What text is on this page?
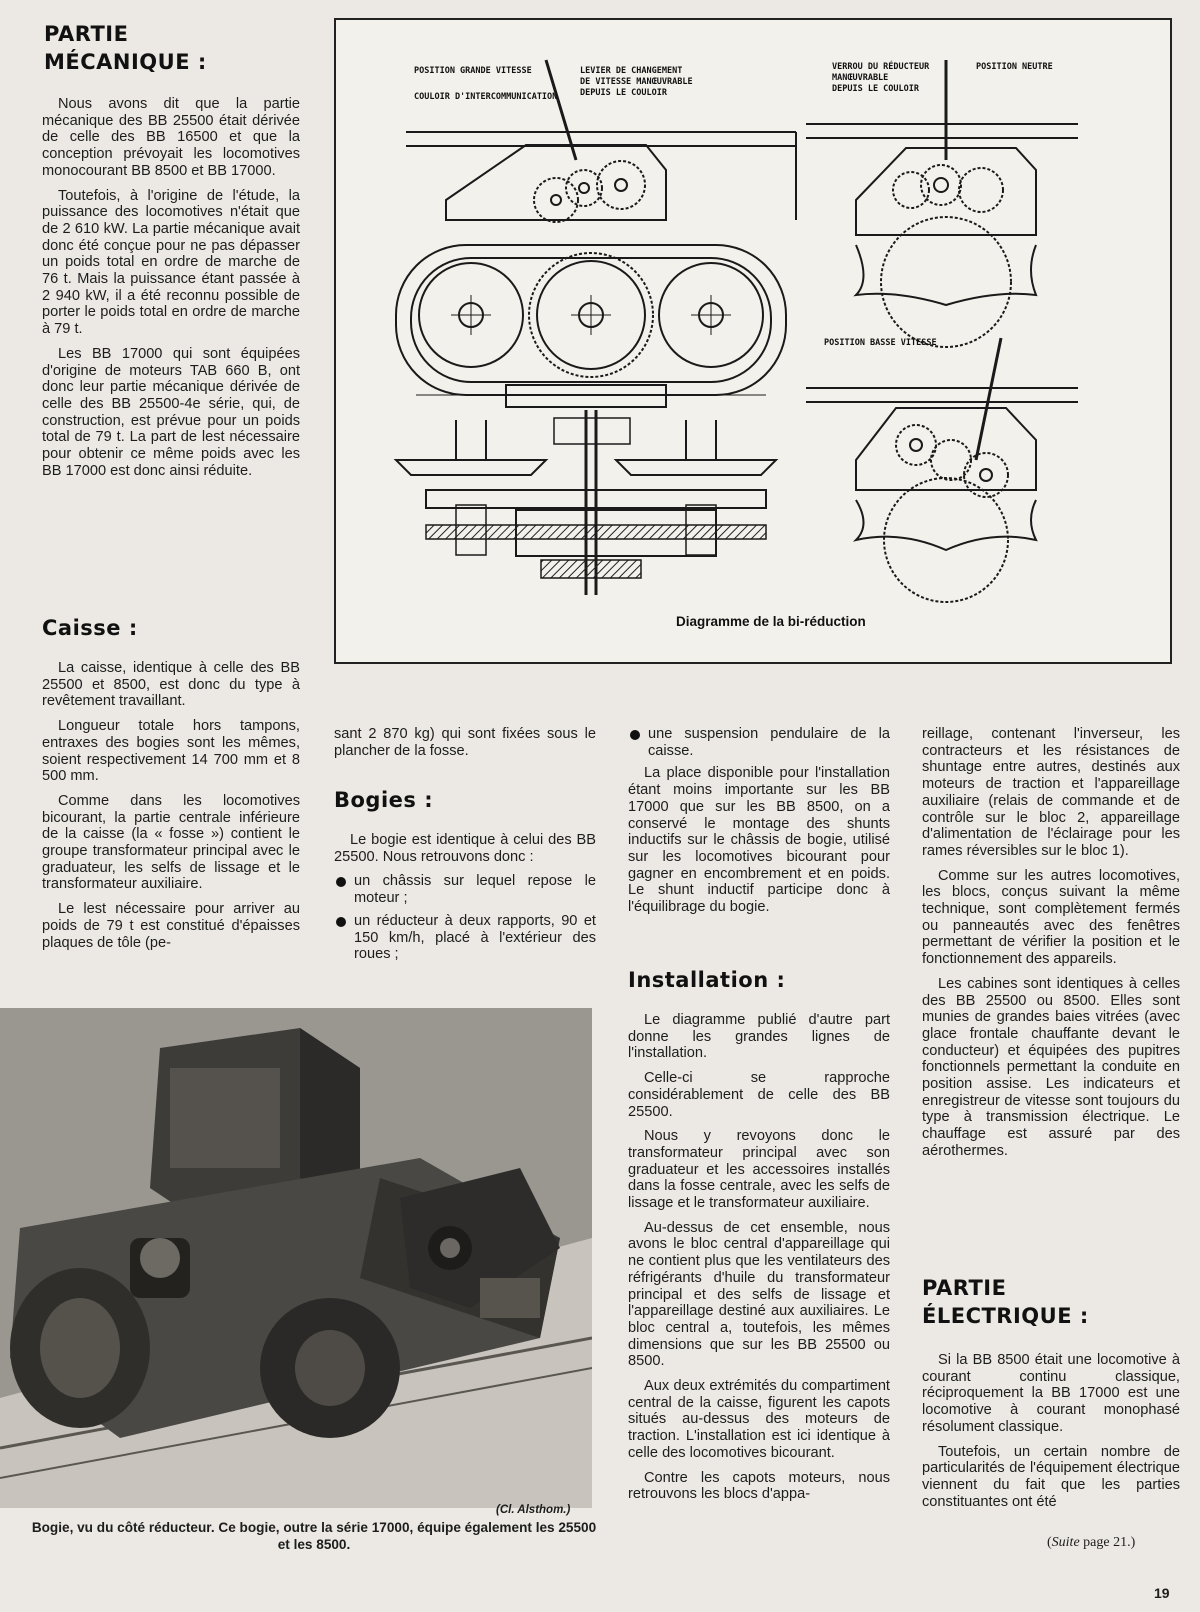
PARTIE
MÉCANIQUE :

Nous avons dit que la partie mécanique des BB 25500 était dérivée de celle des BB 16500 et que la conception prévoyait les locomotives monocourant BB 8500 et BB 17000.

Toutefois, à l'origine de l'étude, la puissance des locomotives n'était que de 2 610 kW. La partie mécanique avait donc été conçue pour ne pas dépasser un poids total en ordre de marche de 76 t. Mais la puissance étant passée à 2 940 kW, il a été reconnu possible de porter le poids total en ordre de marche à 79 t.

Les BB 17000 qui sont équipées d'origine de moteurs TAB 660 B, ont donc leur partie mécanique dérivée de celle des BB 25500-4e série, qui, de construction, est prévue pour un poids total de 79 t. La part de lest nécessaire pour obtenir ce même poids avec les BB 17000 est donc ainsi réduite.

Caisse :

La caisse, identique à celle des BB 25500 et 8500, est donc du type à revêtement travaillant.

Longueur totale hors tampons, entraxes des bogies sont les mêmes, soient respectivement 14 700 mm et 8 500 mm.

Comme dans les locomotives bicourant, la partie centrale inférieure de la caisse (la « fosse ») contient le groupe transformateur principal avec le graduateur, les selfs de lissage et le transformateur auxiliaire.

Le lest nécessaire pour arriver au poids de 79 t est constitué d'épaisses plaques de tôle (pe-

sant 2 870 kg) qui sont fixées sous le plancher de la fosse.

Bogies :

Le bogie est identique à celui des BB 25500. Nous retrouvons donc :

un châssis sur lequel repose le moteur ;
un réducteur à deux rapports, 90 et 150 km/h, placé à l'extérieur des roues ;
une suspension pendulaire de la caisse.

La place disponible pour l'installation étant moins importante sur les BB 17000 que sur les BB 8500, on a conservé le montage des shunts inductifs sur le châssis de bogie, utilisé sur les locomotives bicourant pour gagner en encombrement et en poids. Le shunt inductif participe donc à l'équilibrage du bogie.

Installation :

Le diagramme publié d'autre part donne les grandes lignes de l'installation.

Celle-ci se rapproche considérablement de celle des BB 25500.

Nous y revoyons donc le transformateur principal avec son graduateur et les accessoires installés dans la fosse centrale, avec les selfs de lissage et le transformateur auxiliaire.

Au-dessus de cet ensemble, nous avons le bloc central d'appareillage qui ne contient plus que les ventilateurs des réfrigérants d'huile du transformateur principal et des selfs de lissage et l'appareillage destiné aux auxiliaires. Le bloc central a, toutefois, les mêmes dimensions que sur les BB 25500 ou 8500.

Aux deux extrémités du compartiment central de la caisse, figurent les capots situés au-dessus des moteurs de traction. L'installation est ici identique à celle des locomotives bicourant.

Contre les capots moteurs, nous retrouvons les blocs d'appa-

reillage, contenant l'inverseur, les contracteurs et les résistances de shuntage entre autres, destinés aux moteurs de traction et l'appareillage auxiliaire (relais de commande et de contrôle sur le bloc 2, appareillage d'alimentation de l'éclairage pour les rames réversibles sur le bloc 1).

Comme sur les autres locomotives, les blocs, conçus suivant la même technique, sont complètement fermés ou panneautés avec des fenêtres permettant de vérifier la position et le fonctionnement des appareils.

Les cabines sont identiques à celles des BB 25500 ou 8500. Elles sont munies de grandes baies vitrées (avec glace frontale chauffante devant le conducteur) et équipées des pupitres fonctionnels permettant la conduite en position assise. Les indicateurs et enregistreur de vitesse sont toujours du type à transmission électrique. Le chauffage est assuré par des aérothermes.

PARTIE
ÉLECTRIQUE :

Si la BB 8500 était une locomotive à courant continu classique, réciproquement la BB 17000 est une locomotive à courant monophasé résolument classique.

Toutefois, un certain nombre de particularités de l'équipement électrique viennent du fait que les parties constituantes ont été

POSITION GRANDE VITESSE
COULOIR D'INTERCOMMUNICATION
LEVIER DE CHANGEMENT
DE VITESSE MANŒUVRABLE
DEPUIS LE COULOIR
VERROU DU RÉDUCTEUR
MANŒUVRABLE
DEPUIS LE COULOIR
POSITION NEUTRE
POSITION BASSE VITESSE
Diagramme de la bi-réduction
(Cl. Alsthom.)
Bogie, vu du côté réducteur. Ce bogie, outre la série 17000, équipe également les 25500 et les 8500.	(Suite page 21.)
19
